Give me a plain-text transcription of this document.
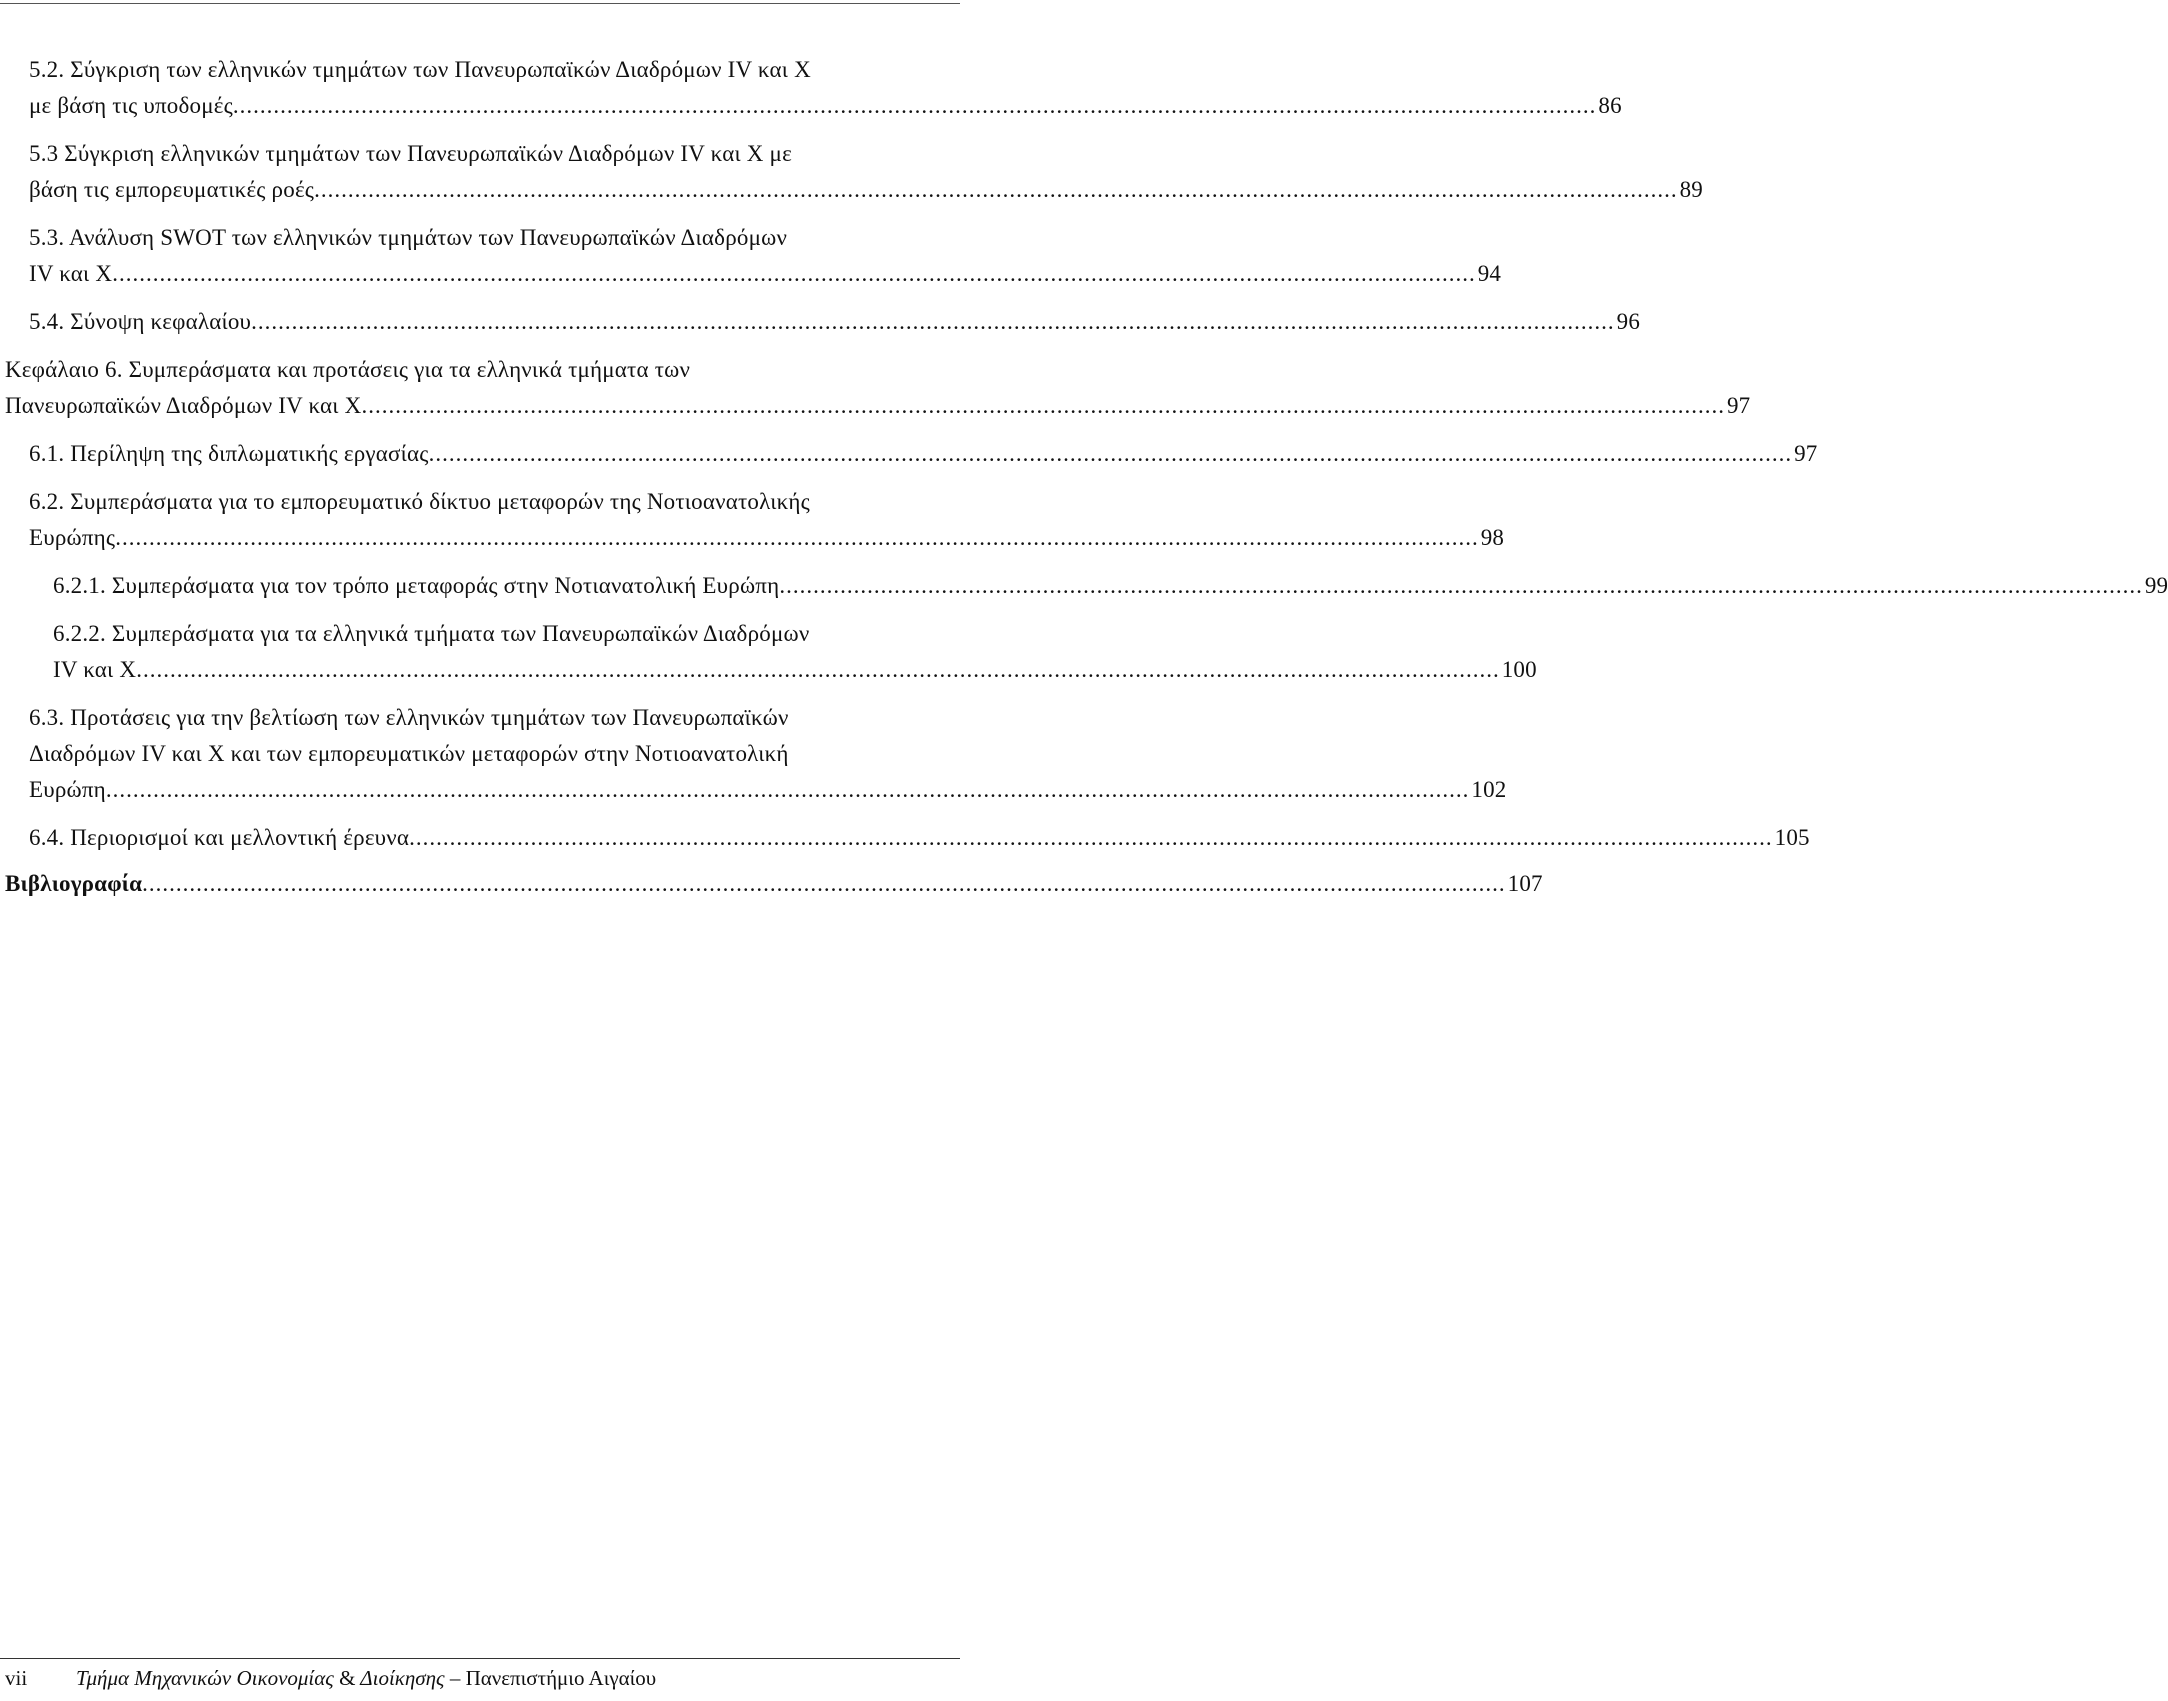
5.2. Σύγκριση των ελληνικών τμημάτων των Πανευρωπαϊκών Διαδρόμων IV και X
με βάση τις υποδομές .......................................................................................................................................................................................................... 86
5.3 Σύγκριση ελληνικών τμημάτων των Πανευρωπαϊκών Διαδρόμων IV και X με
βάση τις εμπορευματικές ροές .......................................................................................................................................................................................................... 89
5.3. Ανάλυση SWOT των ελληνικών τμημάτων των Πανευρωπαϊκών Διαδρόμων
IV και X .......................................................................................................................................................................................................... 94
5.4. Σύνοψη κεφαλαίου .......................................................................................................................................................................................................... 96
Κεφάλαιο 6. Συμπεράσματα και προτάσεις για τα ελληνικά τμήματα των
Πανευρωπαϊκών Διαδρόμων IV και X .......................................................................................................................................................................................................... 97
6.1. Περίληψη της διπλωματικής εργασίας .......................................................................................................................................................................................................... 97
6.2. Συμπεράσματα για το εμπορευματικό δίκτυο μεταφορών της Νοτιοανατολικής
Ευρώπης .......................................................................................................................................................................................................... 98
6.2.1. Συμπεράσματα για τον τρόπο μεταφοράς στην Νοτιανατολική Ευρώπη .......................................................................................................................................................................................................... 99
6.2.2. Συμπεράσματα για τα ελληνικά τμήματα των Πανευρωπαϊκών Διαδρόμων
IV και X .......................................................................................................................................................................................................... 100
6.3. Προτάσεις για την βελτίωση των ελληνικών τμημάτων των Πανευρωπαϊκών
Διαδρόμων IV και X και των εμπορευματικών μεταφορών στην Νοτιοανατολική
Ευρώπη .......................................................................................................................................................................................................... 102
6.4. Περιορισμοί και μελλοντική έρευνα .......................................................................................................................................................................................................... 105
Βιβλιογραφία .......................................................................................................................................................................................................... 107
vii Τμήμα Μηχανικών Οικονομίας & Διοίκησης – Πανεπιστήμιο Αιγαίου
